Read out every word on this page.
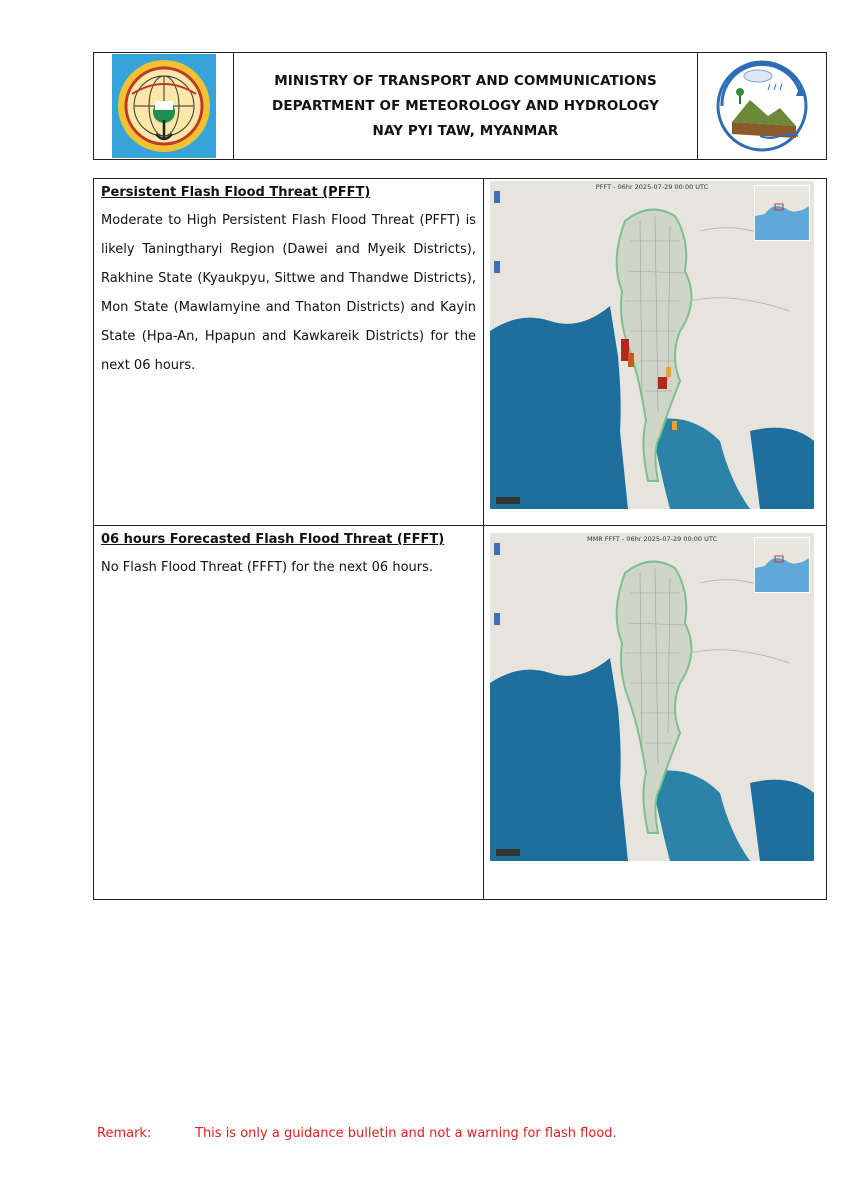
MINISTRY OF TRANSPORT AND COMMUNICATIONS
DEPARTMENT OF METEOROLOGY AND HYDROLOGY
NAY PYI TAW, MYANMAR

Persistent Flash Flood Threat (PFFT)

Moderate to High Persistent Flash Flood Threat (PFFT) is likely Taningtharyi Region (Dawei and Myeik Districts), Rakhine State (Kyaukpyu, Sittwe and Thandwe Districts), Mon State (Mawlamyine and Thaton Districts) and Kayin State (Hpa-An, Hpapun and Kawkareik Districts) for the next 06 hours.

PFFT - 06hr 2025-07-29 00:00 UTC

06 hours Forecasted Flash Flood Threat (FFFT)

No Flash Flood Threat (FFFT) for the next 06 hours.

MMR FFFT - 06hr 2025-07-29 00:00 UTC
Remark:	This is only a guidance bulletin and not a warning for flash flood.
